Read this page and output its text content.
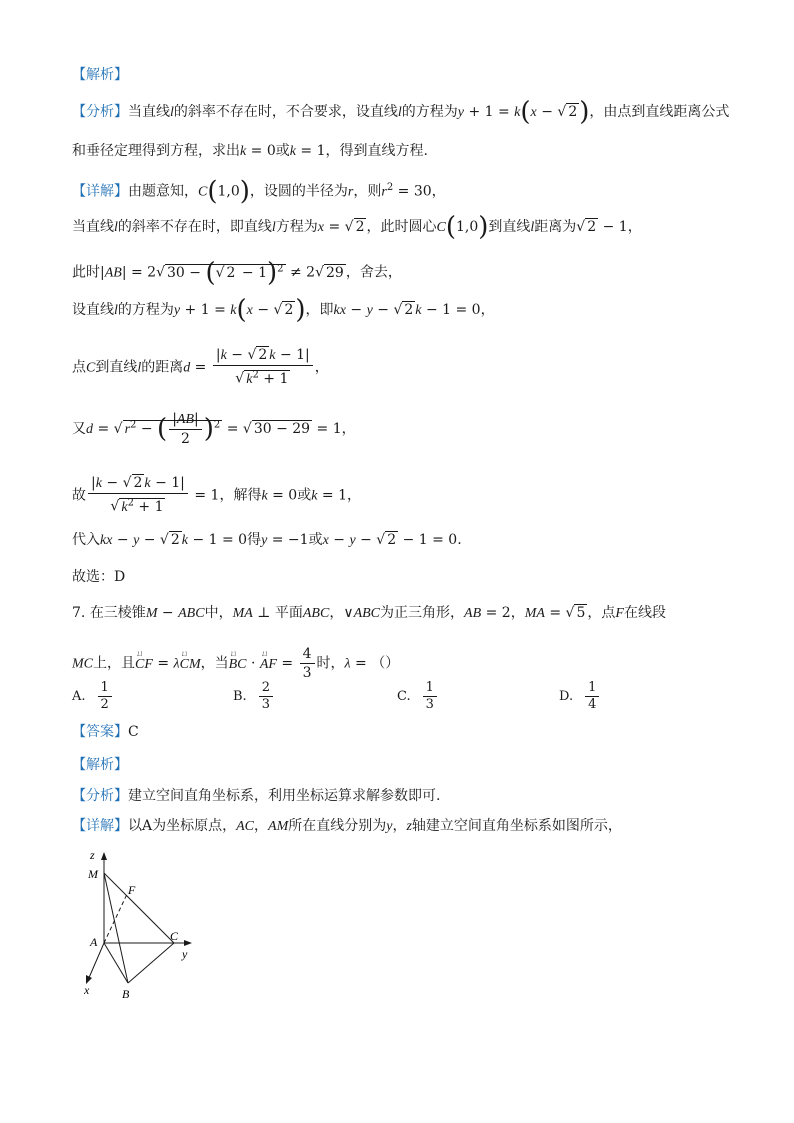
【解析】
【分析】当直线l的斜率不存在时，不合要求，设直线l的方程为y + 1 = k(x − √ 2)，由点到直线距离公式
和垂径定理得到方程，求出k = 0或k = 1，得到直线方程.
【详解】由题意知，C(1,0)，设圆的半径为r，则$r^2 = 30$，
当直线l的斜率不存在时，即直线l方程为x = √ 2 ，此时圆心C(1,0)到直线l距离为√ 2 − 1，
此时|AB| = 2√ 30 − (√ 2 − 1)$^2$ ≠ 2√ 29 ，舍去，
设直线l的方程为y + 1 = k(x − √ 2)，即kx − y − √ 2 k − 1 = 0，
点C到直线l的距离$d = \frac{|k - √ 2 k - 1|}{√ k^2 + 1}$ ，
又d = √ $r^2$ − ( $\frac{|AB|}{2} )^2$ = √ 30 − 29 = 1，
故 $\frac{|k - √ 2 k - 1|}{√ k^2 + 1} = 1$，解得k = 0或k = 1，
代入kx − y − √ 2 k − 1 = 0得y = −1或x − y − √ 2 − 1 = 0.
故选：D
7. 在三棱锥M − ABC中，MA ⊥ 平面ABC，∨ABC为正三角形，AB = 2，MA = √ 5 ，点F在线段
MC上，且ㄩ CF = λㄩ CM，当ㄩ BC · ㄩ AF = $\frac{4}{3}$ 时，λ = （）
A. $\frac{1}{2}$	B. $\frac{2}{3}$	C. $\frac{1}{3}$	D. $\frac{1}{4}$
【答案】C
【解析】
【分析】建立空间直角坐标系，利用坐标运算求解参数即可.
【详解】以A为坐标原点，AC，AM所在直线分别为y，z轴建立空间直角坐标系如图所示，
z
M
F
A	C
y
x	B
